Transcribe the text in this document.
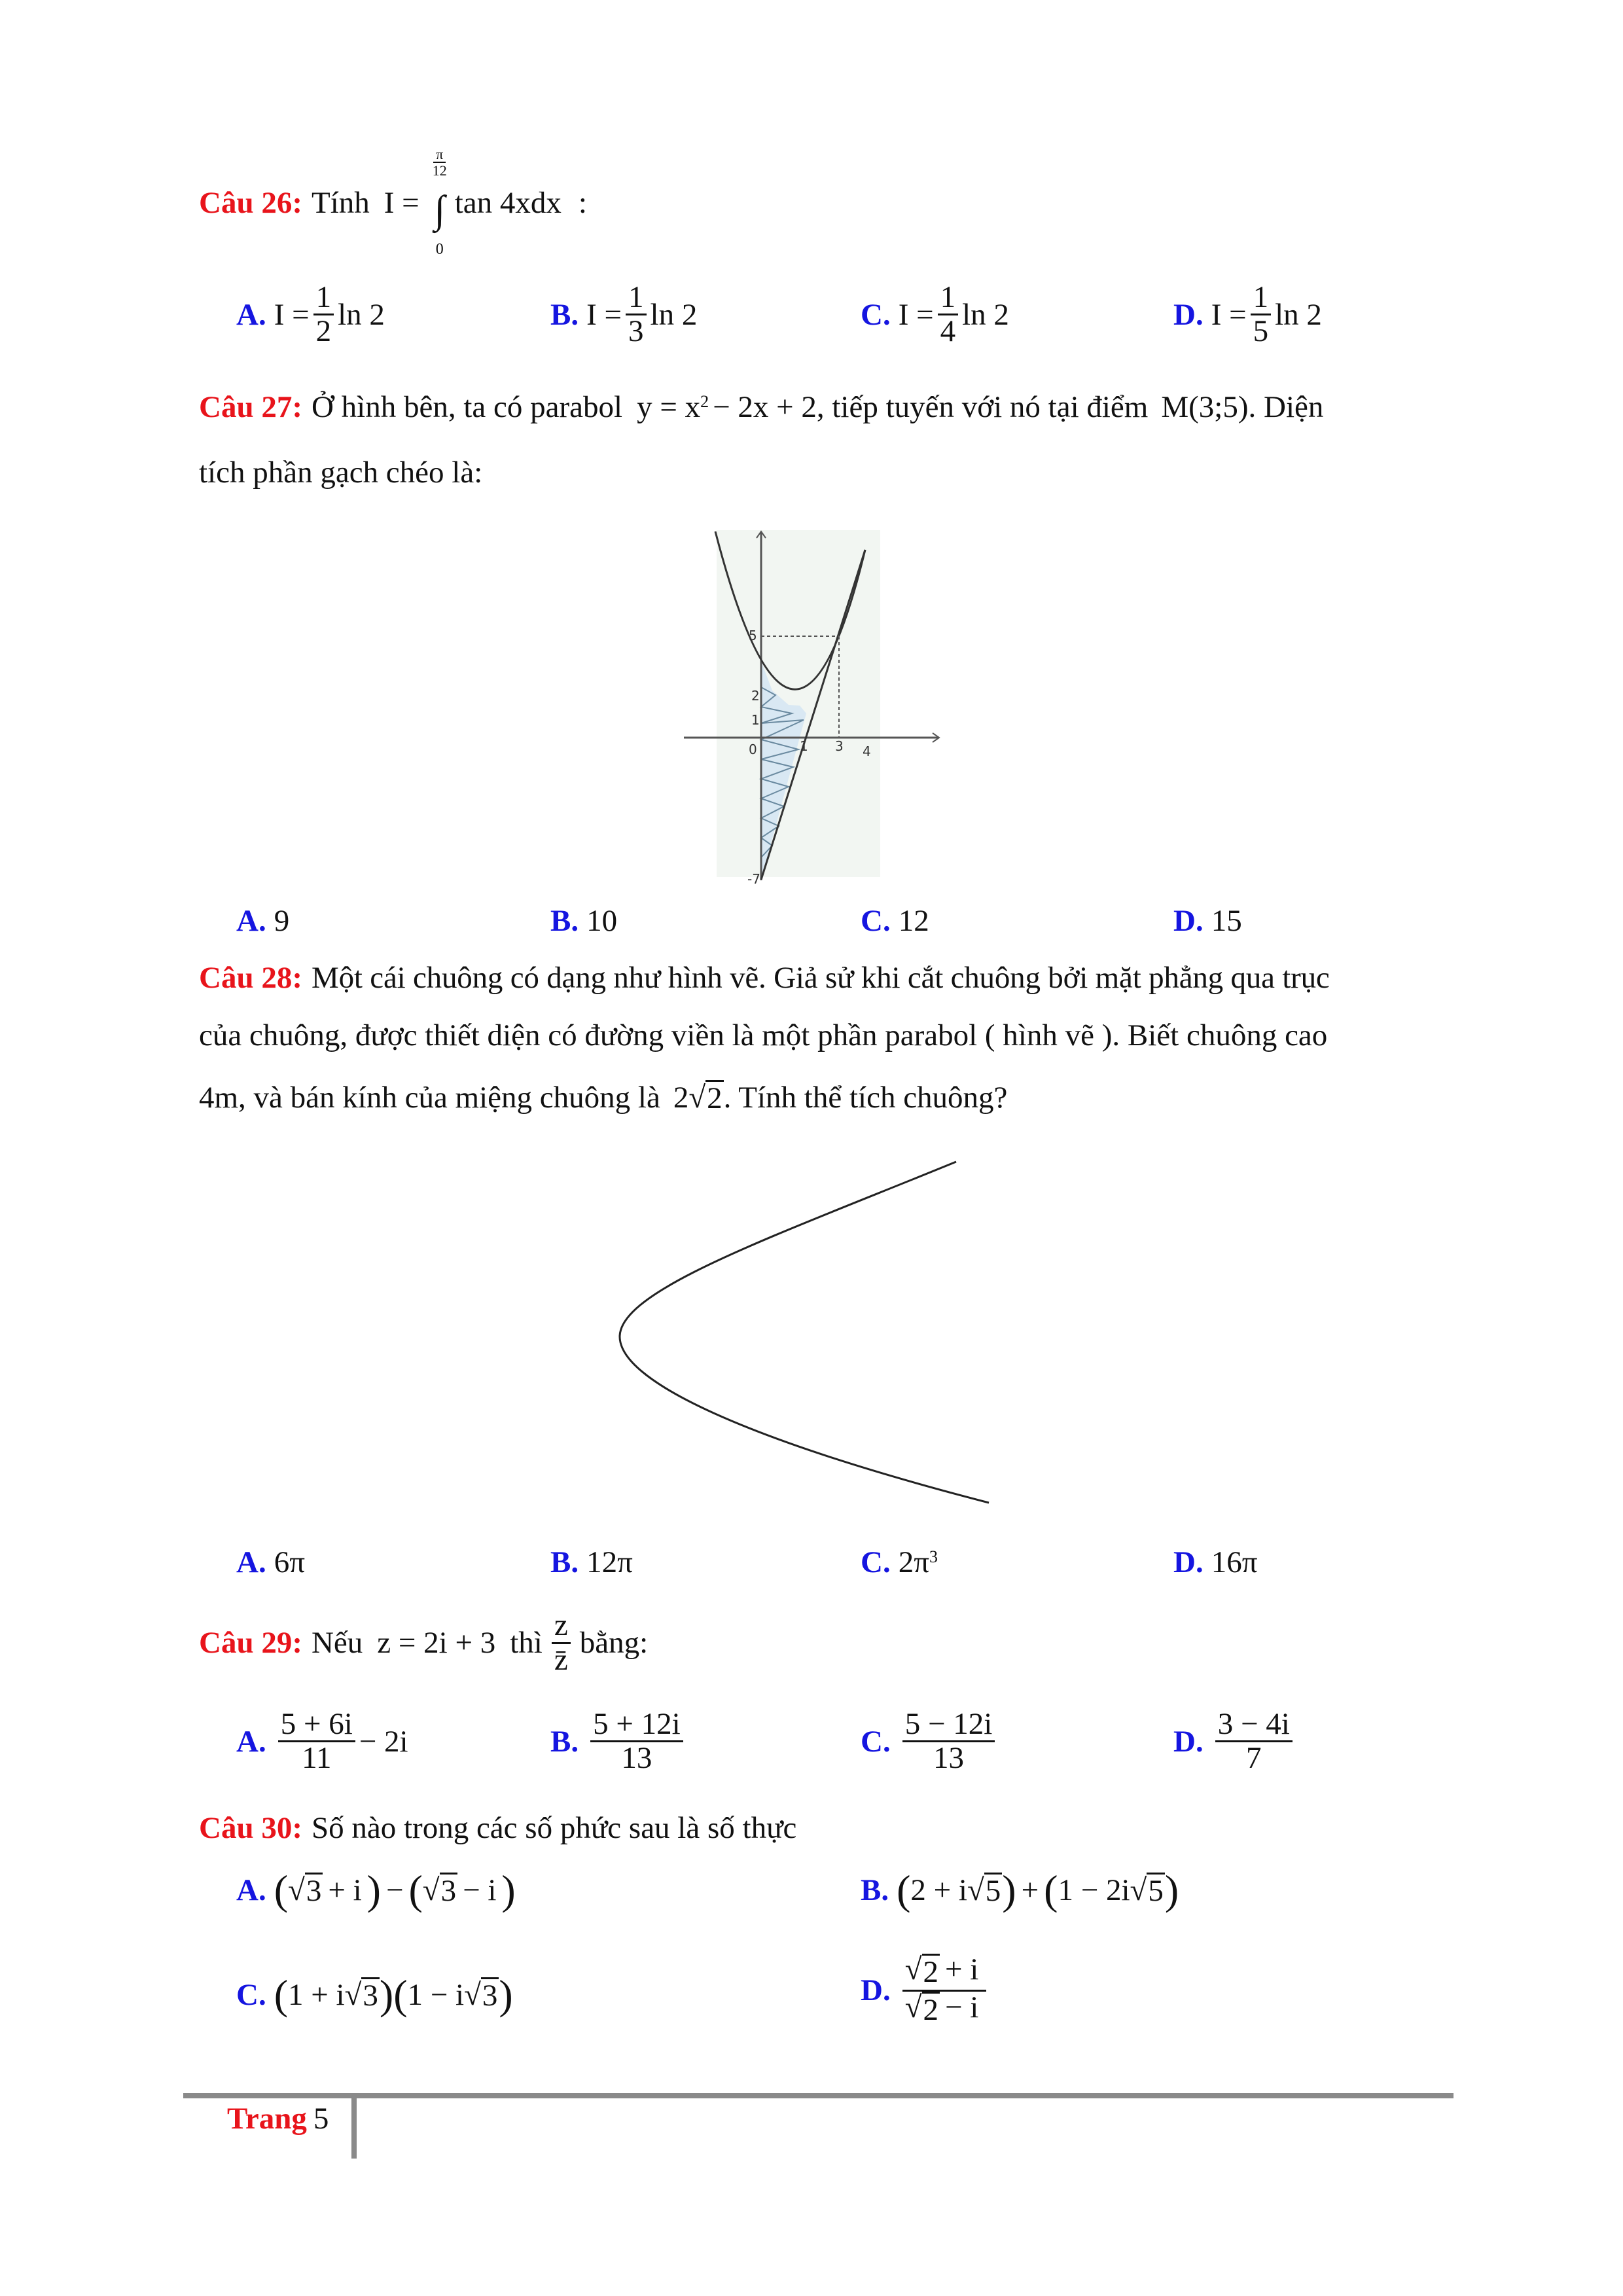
Câu 26: Tính I =
$\frac{\pi}{12}$
∫
0
tan 4xdx :
A. $I = \frac{1}{2}$ ln 2	B. $I = \frac{1}{3}$ ln 2	C. $I = \frac{1}{4}$ ln 2	D. $I = \frac{1}{5}$ ln 2
Câu 27: Ở hình bên, ta có parabol y = x 2 − 2x + 2 , tiếp tuyến với nó tại điểm M(3;5) . Diện
tích phần gạch chéo là:
5
2
1
0	1 3 4
-7
A. 9	B. 10	C. 12	D. 15
Câu 28: Một cái chuông có dạng như hình vẽ. Giả sử khi cắt chuông bởi mặt phẳng qua trục
của chuông, được thiết diện có đường viền là một phần parabol ( hình vẽ ). Biết chuông cao
4m, và bán kính của miệng chuông là 2 √ 2 . Tính thể tích chuông?
A. 6π	B. 12π	C. 2π 3	D. 16π
Câu 29: Nếu z = 2i + 3 thì $\frac{z}{z̄}$ bằng:
A. $\frac{5 + 6i}{11} - 2i$	B. $\frac{5 + 12i}{13}$	C. $\frac{5 - 12i}{13}$	D. $\frac{3 - 4i}{7}$
Câu 30: Số nào trong các số phức sau là số thực
A. ( √ 3 + i ) − ( √ 3 − i )	B. ( 2 + i √ 5 ) + ( 1 − 2i √ 5 )
C. ( 1 + i √ 3 ) ( 1 − i √ 3 )	D. $\frac{√ 2 + i}{√ 2 - i}$
Trang 5
